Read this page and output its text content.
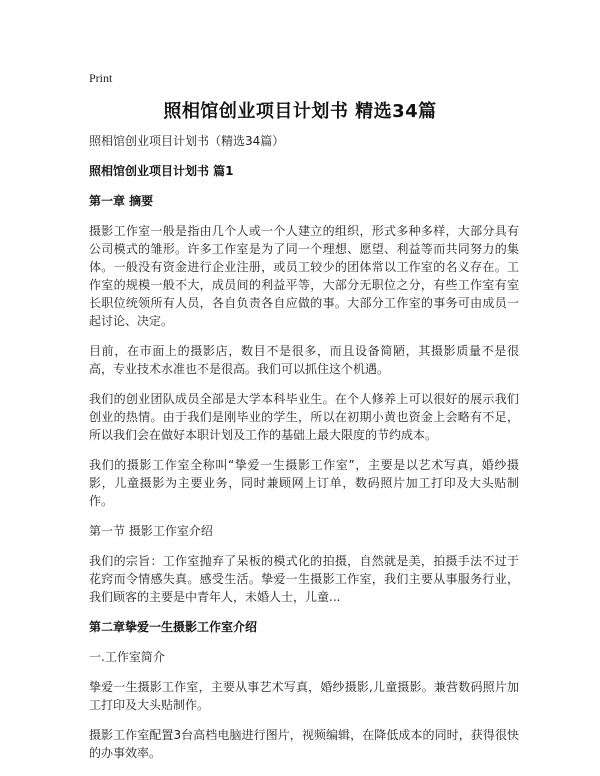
Print
照相馆创业项目计划书 精选34篇

照相馆创业项目计划书（精选34篇）

照相馆创业项目计划书 篇1

第一章 摘要

摄影工作室一般是指由几个人或一个人建立的组织，形式多种多样，大部分具有公司模式的雏形。许多工作室是为了同一个理想、愿望、利益等而共同努力的集体。一般没有资金进行企业注册，或员工较少的团体常以工作室的名义存在。工作室的规模一般不大，成员间的利益平等，大部分无职位之分，有些工作室有室长职位统领所有人员，各自负责各自应做的事。大部分工作室的事务可由成员一起讨论、决定。

目前，在市面上的摄影店，数目不是很多，而且设备简陋，其摄影质量不是很高，专业技术水准也不是很高。我们可以抓住这个机遇。

我们的创业团队成员全部是大学本科毕业生。在个人修养上可以很好的展示我们创业的热情。由于我们是刚毕业的学生，所以在初期小黄也资金上会略有不足，所以我们会在做好本职计划及工作的基础上最大限度的节约成本。

我们的摄影工作室全称叫“挚爱一生摄影工作室”，主要是以艺术写真，婚纱摄影，儿童摄影为主要业务，同时兼顾网上订单，数码照片加工打印及大头贴制作。

第一节 摄影工作室介绍

我们的宗旨：工作室抛弃了呆板的模式化的拍摄，自然就是美，拍摄手法不过于花窍而令情感失真。感受生活。挚爱一生摄影工作室，我们主要从事服务行业，我们顾客的主要是中青年人，未婚人士，儿童...

第二章挚爱一生摄影工作室介绍

一.工作室简介

挚爱一生摄影工作室，主要从事艺术写真，婚纱摄影,儿童摄影。兼营数码照片加工打印及大头贴制作。

摄影工作室配置3台高档电脑进行图片，视频编辑，在降低成本的同时，获得很快的办事效率。
